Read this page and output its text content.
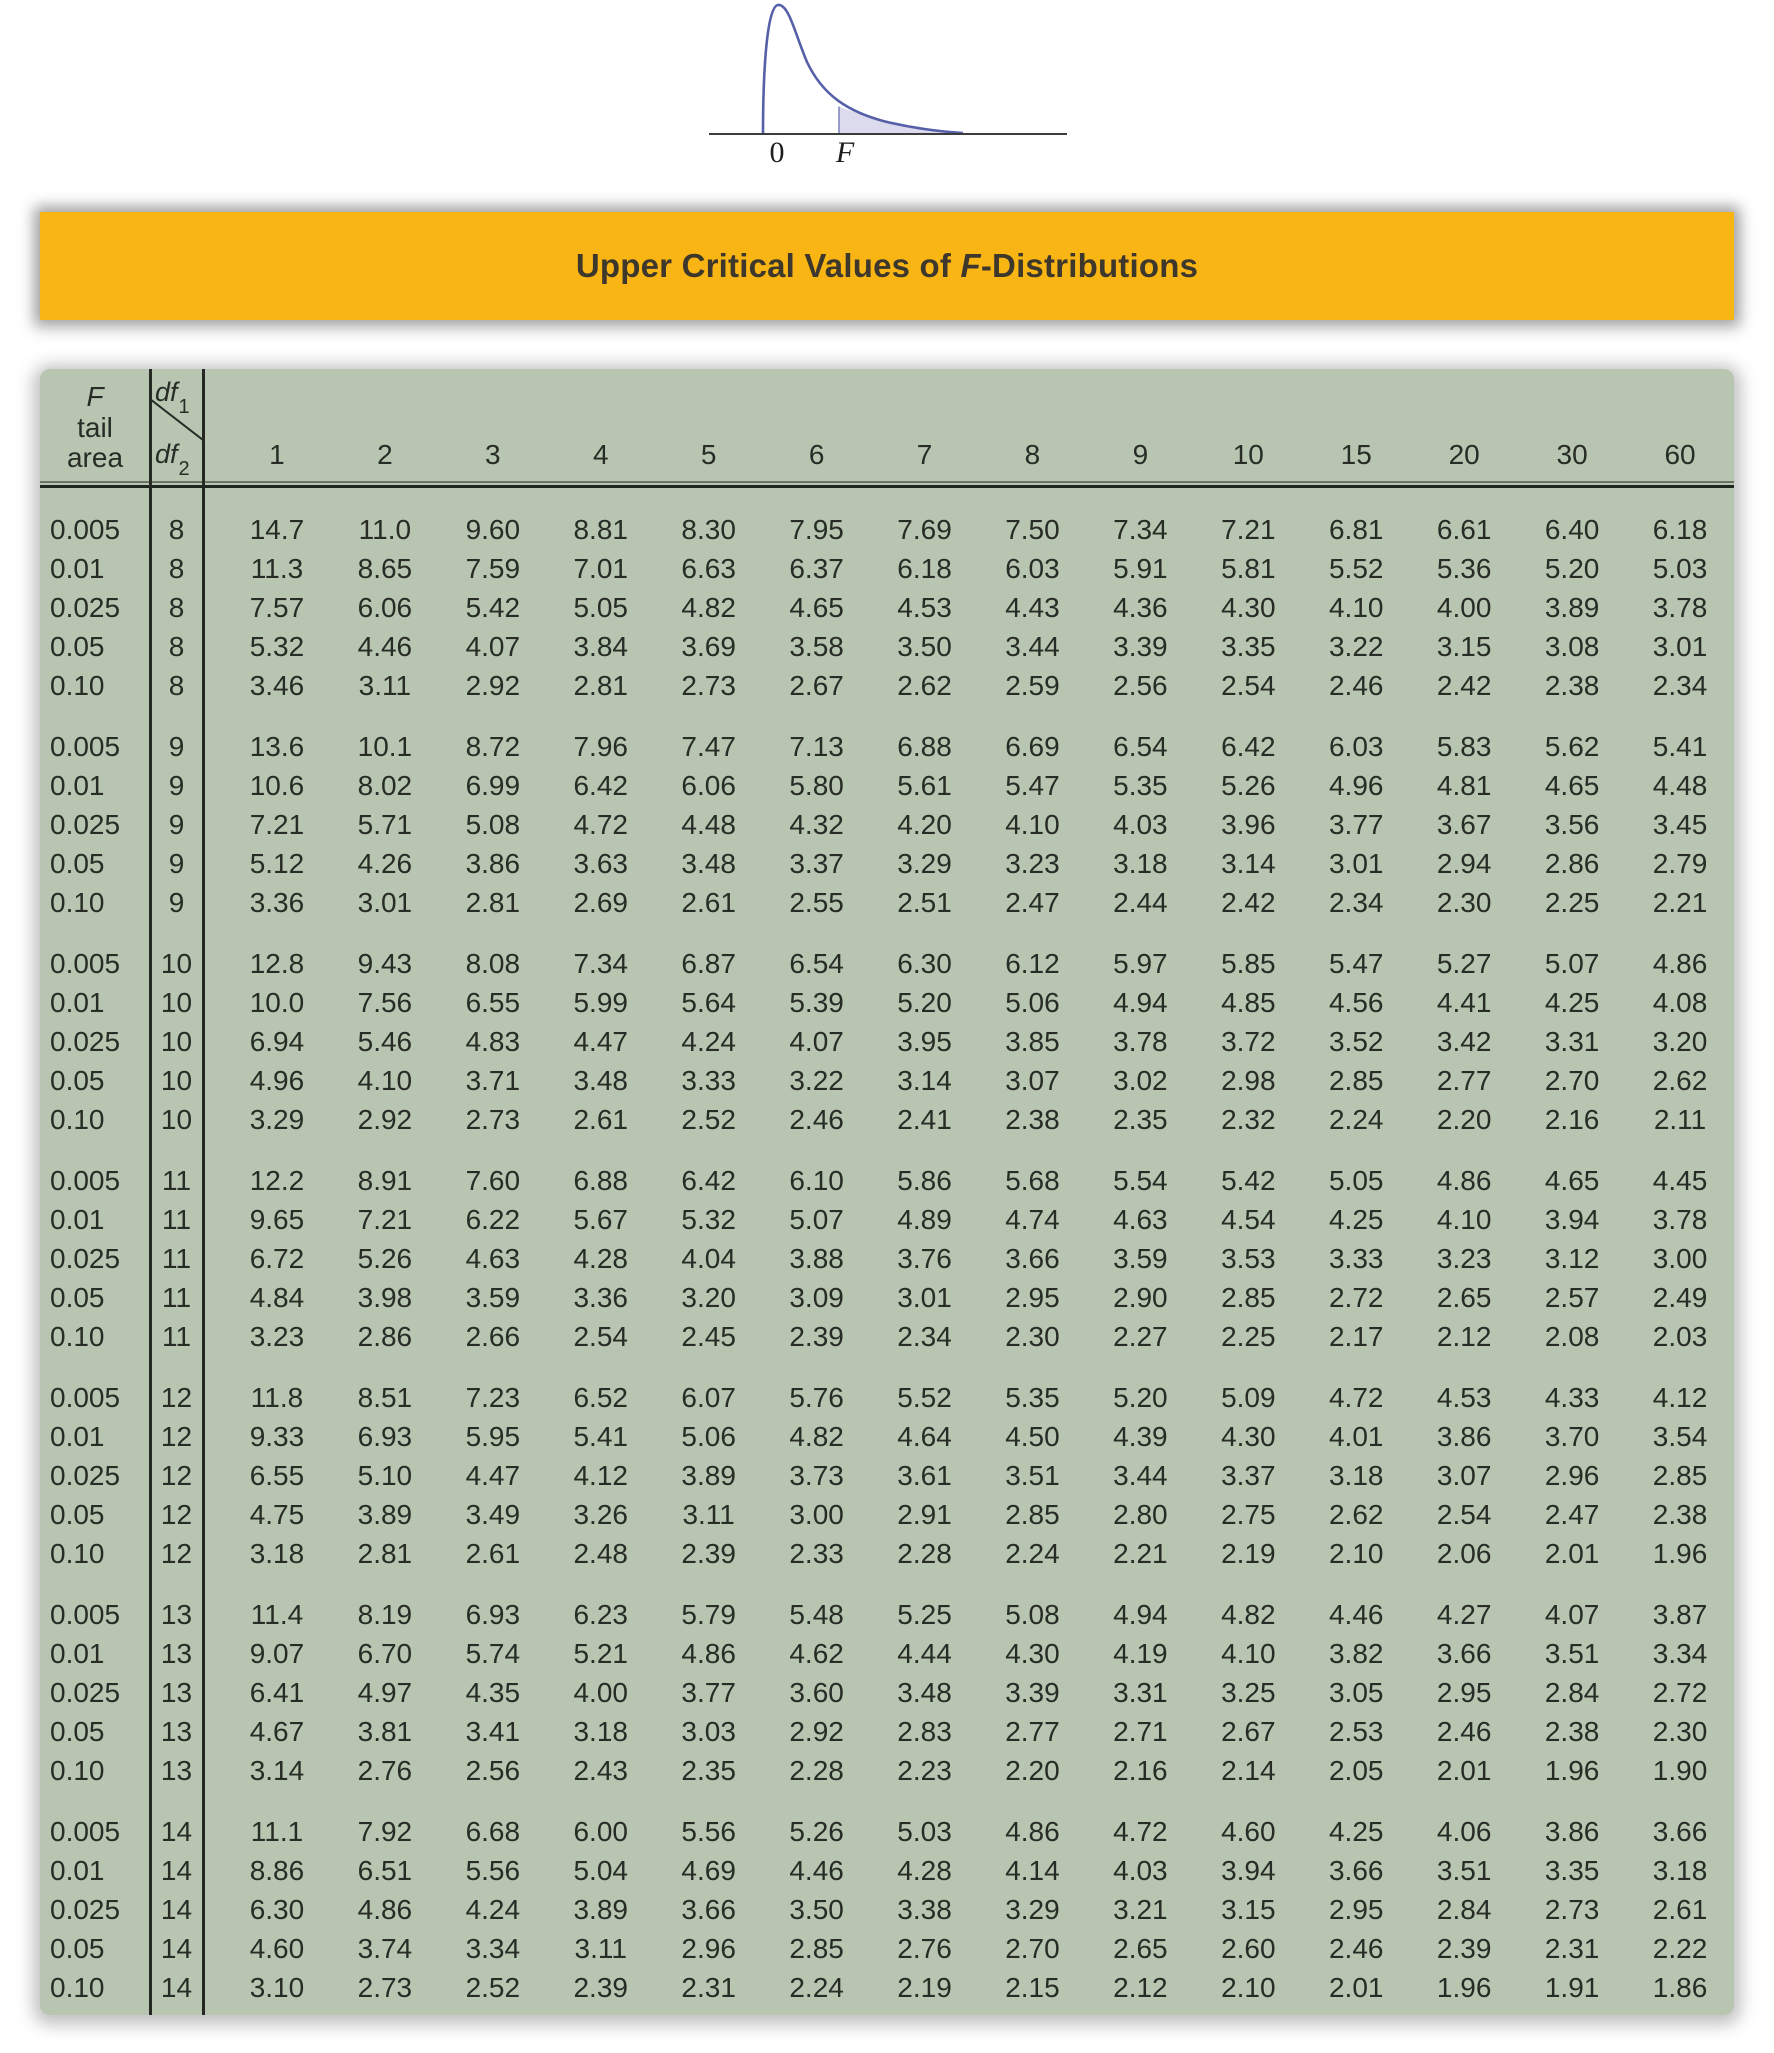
0 F
Upper Critical Values of F-Distributions
F
tail
area
$df_1$
$df_2$	1	2	3	4	5	6	7	8	9	10	15	20	30	60
0.005	8	14.7	11.0	9.60	8.81	8.30	7.95	7.69	7.50	7.34	7.21	6.81	6.61	6.40	6.18
0.01	8	11.3	8.65	7.59	7.01	6.63	6.37	6.18	6.03	5.91	5.81	5.52	5.36	5.20	5.03
0.025	8	7.57	6.06	5.42	5.05	4.82	4.65	4.53	4.43	4.36	4.30	4.10	4.00	3.89	3.78
0.05	8	5.32	4.46	4.07	3.84	3.69	3.58	3.50	3.44	3.39	3.35	3.22	3.15	3.08	3.01
0.10	8	3.46	3.11	2.92	2.81	2.73	2.67	2.62	2.59	2.56	2.54	2.46	2.42	2.38	2.34
0.005	9	13.6	10.1	8.72	7.96	7.47	7.13	6.88	6.69	6.54	6.42	6.03	5.83	5.62	5.41
0.01	9	10.6	8.02	6.99	6.42	6.06	5.80	5.61	5.47	5.35	5.26	4.96	4.81	4.65	4.48
0.025	9	7.21	5.71	5.08	4.72	4.48	4.32	4.20	4.10	4.03	3.96	3.77	3.67	3.56	3.45
0.05	9	5.12	4.26	3.86	3.63	3.48	3.37	3.29	3.23	3.18	3.14	3.01	2.94	2.86	2.79
0.10	9	3.36	3.01	2.81	2.69	2.61	2.55	2.51	2.47	2.44	2.42	2.34	2.30	2.25	2.21
0.005	10	12.8	9.43	8.08	7.34	6.87	6.54	6.30	6.12	5.97	5.85	5.47	5.27	5.07	4.86
0.01	10	10.0	7.56	6.55	5.99	5.64	5.39	5.20	5.06	4.94	4.85	4.56	4.41	4.25	4.08
0.025	10	6.94	5.46	4.83	4.47	4.24	4.07	3.95	3.85	3.78	3.72	3.52	3.42	3.31	3.20
0.05	10	4.96	4.10	3.71	3.48	3.33	3.22	3.14	3.07	3.02	2.98	2.85	2.77	2.70	2.62
0.10	10	3.29	2.92	2.73	2.61	2.52	2.46	2.41	2.38	2.35	2.32	2.24	2.20	2.16	2.11
0.005	11	12.2	8.91	7.60	6.88	6.42	6.10	5.86	5.68	5.54	5.42	5.05	4.86	4.65	4.45
0.01	11	9.65	7.21	6.22	5.67	5.32	5.07	4.89	4.74	4.63	4.54	4.25	4.10	3.94	3.78
0.025	11	6.72	5.26	4.63	4.28	4.04	3.88	3.76	3.66	3.59	3.53	3.33	3.23	3.12	3.00
0.05	11	4.84	3.98	3.59	3.36	3.20	3.09	3.01	2.95	2.90	2.85	2.72	2.65	2.57	2.49
0.10	11	3.23	2.86	2.66	2.54	2.45	2.39	2.34	2.30	2.27	2.25	2.17	2.12	2.08	2.03
0.005	12	11.8	8.51	7.23	6.52	6.07	5.76	5.52	5.35	5.20	5.09	4.72	4.53	4.33	4.12
0.01	12	9.33	6.93	5.95	5.41	5.06	4.82	4.64	4.50	4.39	4.30	4.01	3.86	3.70	3.54
0.025	12	6.55	5.10	4.47	4.12	3.89	3.73	3.61	3.51	3.44	3.37	3.18	3.07	2.96	2.85
0.05	12	4.75	3.89	3.49	3.26	3.11	3.00	2.91	2.85	2.80	2.75	2.62	2.54	2.47	2.38
0.10	12	3.18	2.81	2.61	2.48	2.39	2.33	2.28	2.24	2.21	2.19	2.10	2.06	2.01	1.96
0.005	13	11.4	8.19	6.93	6.23	5.79	5.48	5.25	5.08	4.94	4.82	4.46	4.27	4.07	3.87
0.01	13	9.07	6.70	5.74	5.21	4.86	4.62	4.44	4.30	4.19	4.10	3.82	3.66	3.51	3.34
0.025	13	6.41	4.97	4.35	4.00	3.77	3.60	3.48	3.39	3.31	3.25	3.05	2.95	2.84	2.72
0.05	13	4.67	3.81	3.41	3.18	3.03	2.92	2.83	2.77	2.71	2.67	2.53	2.46	2.38	2.30
0.10	13	3.14	2.76	2.56	2.43	2.35	2.28	2.23	2.20	2.16	2.14	2.05	2.01	1.96	1.90
0.005	14	11.1	7.92	6.68	6.00	5.56	5.26	5.03	4.86	4.72	4.60	4.25	4.06	3.86	3.66
0.01	14	8.86	6.51	5.56	5.04	4.69	4.46	4.28	4.14	4.03	3.94	3.66	3.51	3.35	3.18
0.025	14	6.30	4.86	4.24	3.89	3.66	3.50	3.38	3.29	3.21	3.15	2.95	2.84	2.73	2.61
0.05	14	4.60	3.74	3.34	3.11	2.96	2.85	2.76	2.70	2.65	2.60	2.46	2.39	2.31	2.22
0.10	14	3.10	2.73	2.52	2.39	2.31	2.24	2.19	2.15	2.12	2.10	2.01	1.96	1.91	1.86
